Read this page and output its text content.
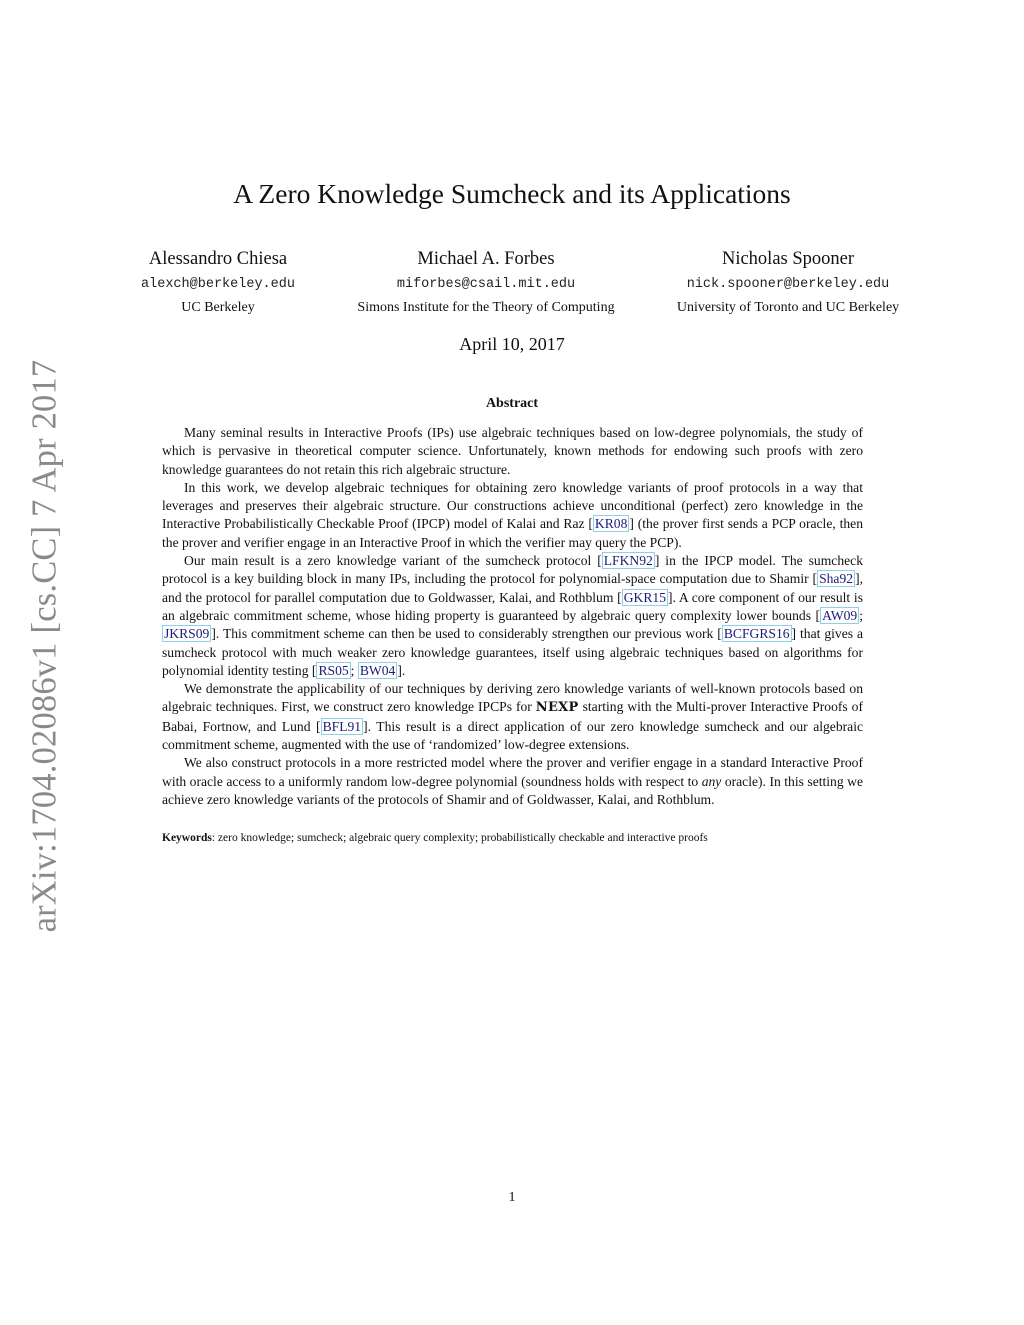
arXiv:1704.02086v1 [cs.CC] 7 Apr 2017
A Zero Knowledge Sumcheck and its Applications
Alessandro Chiesa
alexch@berkeley.edu
UC Berkeley
Michael A. Forbes
miforbes@csail.mit.edu
Simons Institute for the Theory of Computing
Nicholas Spooner
nick.spooner@berkeley.edu
University of Toronto and UC Berkeley
April 10, 2017
Abstract

Many seminal results in Interactive Proofs (IPs) use algebraic techniques based on low-degree polynomials, the study of which is pervasive in theoretical computer science. Unfortunately, known methods for endowing such proofs with zero knowledge guarantees do not retain this rich algebraic structure.

In this work, we develop algebraic techniques for obtaining zero knowledge variants of proof protocols in a way that leverages and preserves their algebraic structure. Our constructions achieve unconditional (perfect) zero knowledge in the Interactive Probabilistically Checkable Proof (IPCP) model of Kalai and Raz [ KR08 ] (the prover first sends a PCP oracle, then the prover and verifier engage in an Interactive Proof in which the verifier may query the PCP).

Our main result is a zero knowledge variant of the sumcheck protocol [ LFKN92 ] in the IPCP model. The sumcheck protocol is a key building block in many IPs, including the protocol for polynomial-space computation due to Shamir [ Sha92 ], and the protocol for parallel computation due to Goldwasser, Kalai, and Rothblum [ GKR15 ]. A core component of our result is an algebraic commitment scheme, whose hiding property is guaranteed by algebraic query complexity lower bounds [ AW09 ; JKRS09 ]. This commitment scheme can then be used to considerably strengthen our previous work [ BCFGRS16 ] that gives a sumcheck protocol with much weaker zero knowledge guarantees, itself using algebraic techniques based on algorithms for polynomial identity testing [ RS05 ; BW04 ].

We demonstrate the applicability of our techniques by deriving zero knowledge variants of well-known protocols based on algebraic techniques. First, we construct zero knowledge IPCPs for NEXP starting with the Multi-prover Interactive Proofs of Babai, Fortnow, and Lund [ BFL91 ]. This result is a direct application of our zero knowledge sumcheck and our algebraic commitment scheme, augmented with the use of ‘randomized’ low-degree extensions.

We also construct protocols in a more restricted model where the prover and verifier engage in a standard Interactive Proof with oracle access to a uniformly random low-degree polynomial (soundness holds with respect to any oracle). In this setting we achieve zero knowledge variants of the protocols of Shamir and of Goldwasser, Kalai, and Rothblum.

Keywords: zero knowledge; sumcheck; algebraic query complexity; probabilistically checkable and interactive proofs
1
